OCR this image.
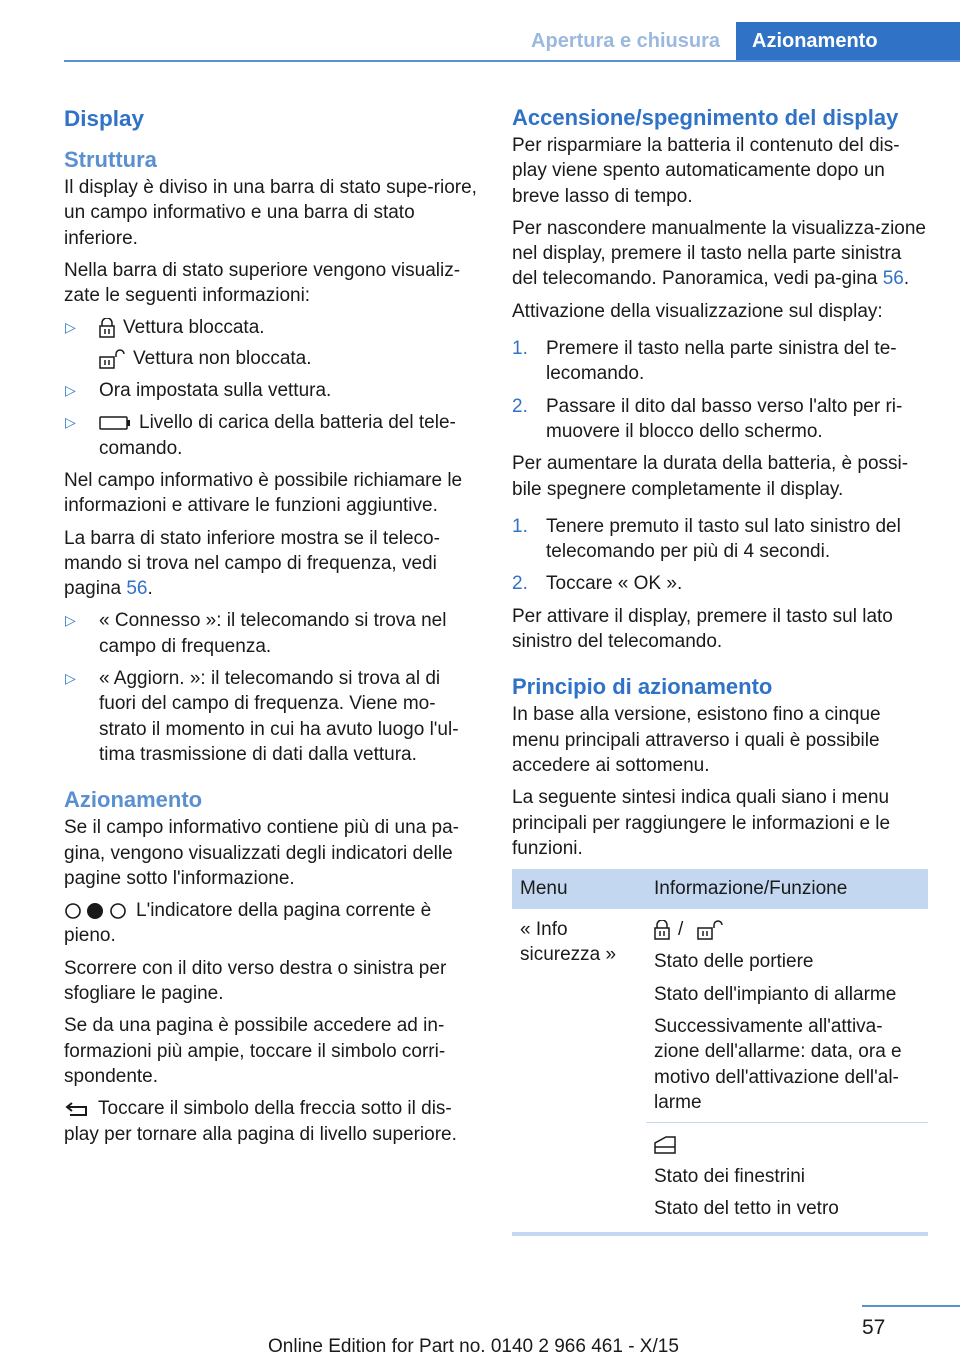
Apertura e chiusura	Azionamento
Display
Struttura

Il display è diviso in una barra di stato supe-riore, un campo informativo e una barra di stato inferiore.

Nella barra di stato superiore vengono visualiz-zate le seguenti informazioni:

▷ Vettura bloccata.
Vettura non bloccata.
▷ Ora impostata sulla vettura.
▷	Livello di carica della batteria del tele-comando.

Nel campo informativo è possibile richiamare le informazioni e attivare le funzioni aggiuntive.

La barra di stato inferiore mostra se il teleco-mando si trova nel campo di frequenza, vedi pagina 56.

▷ « Connesso »: il telecomando si trova nel campo di frequenza.
▷ « Aggiorn. »: il telecomando si trova al di fuori del campo di frequenza. Viene mo-strato il momento in cui ha avuto luogo l'ul-tima trasmissione di dati dalla vettura.
Azionamento

Se il campo informativo contiene più di una pa-gina, vengono visualizzati degli indicatori delle pagine sotto l'informazione.

L'indicatore della pagina corrente è pieno.

Scorrere con il dito verso destra o sinistra per sfogliare le pagine.

Se da una pagina è possibile accedere ad in-formazioni più ampie, toccare il simbolo corri-spondente.

Toccare il simbolo della freccia sotto il dis-play per tornare alla pagina di livello superiore.

Accensione/spegnimento del display

Per risparmiare la batteria il contenuto del dis-play viene spento automaticamente dopo un breve lasso di tempo.

Per nascondere manualmente la visualizza-zione nel display, premere il tasto nella parte sinistra del telecomando. Panoramica, vedi pa-gina 56.

Attivazione della visualizzazione sul display:

1. Premere il tasto nella parte sinistra del te-lecomando.
2. Passare il dito dal basso verso l'alto per ri-muovere il blocco dello schermo.

Per aumentare la durata della batteria, è possi-bile spegnere completamente il display.

1. Tenere premuto il tasto sul lato sinistro del telecomando per più di 4 secondi.
2. Toccare « OK ».

Per attivare il display, premere il tasto sul lato sinistro del telecomando.

Principio di azionamento

In base alla versione, esistono fino a cinque menu principali attraverso i quali è possibile accedere ai sottomenu.

La seguente sintesi indica quali siano i menu principali per raggiungere le informazioni e le funzioni.

Menu	Informazione/Funzione
« Info sicurezza »	/

Stato delle portiere

Stato dell'impianto di allarme

Successivamente all'attiva-zione dell'allarme: data, ora e motivo dell'attivazione dell'al-larme

	Stato dei finestrini

Stato del tetto in vetro

57
Online Edition for Part no. 0140 2 966 461 - X/15
